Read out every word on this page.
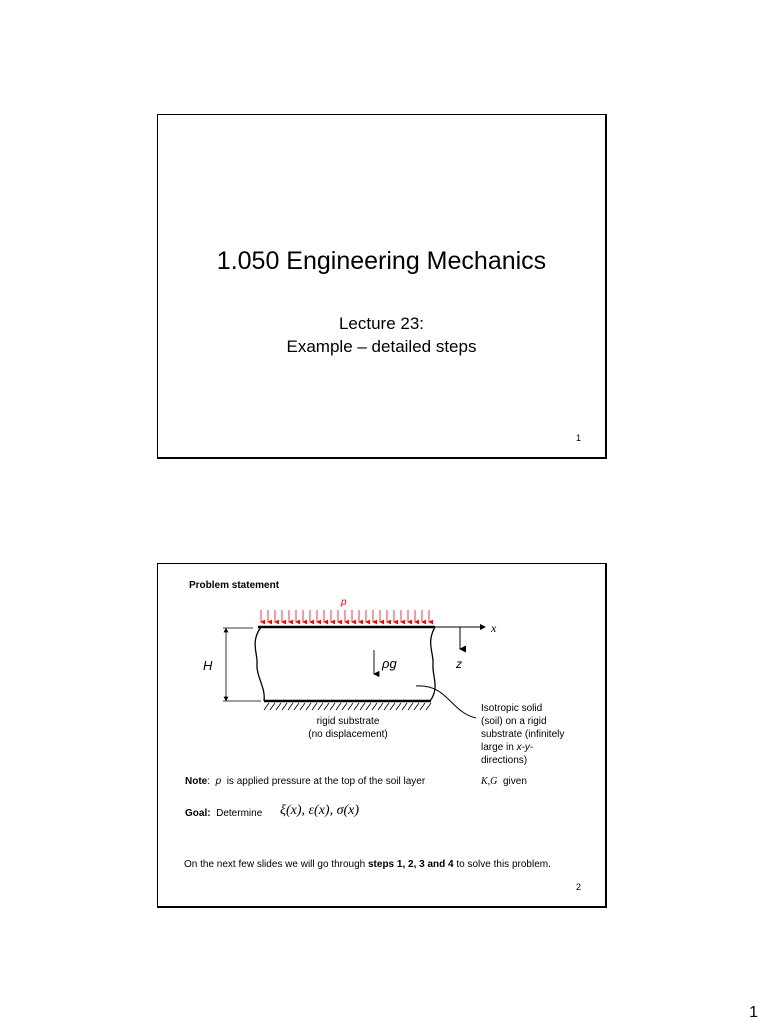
1.050 Engineering Mechanics
Lecture 23:
Example – detailed steps
1
Problem statement
p
x
z
H	ρg
rigid substrate
(no displacement)
Isotropic solid
(soil) on a rigid
substrate (infinitely
large in x-y-
directions)
Note:  p is applied pressure at the top of the soil layer	K,G given
Goal: Determine ξ(x), ε(x), σ(x)
On the next few slides we will go through steps 1, 2, 3 and 4 to solve this problem.
2
1
